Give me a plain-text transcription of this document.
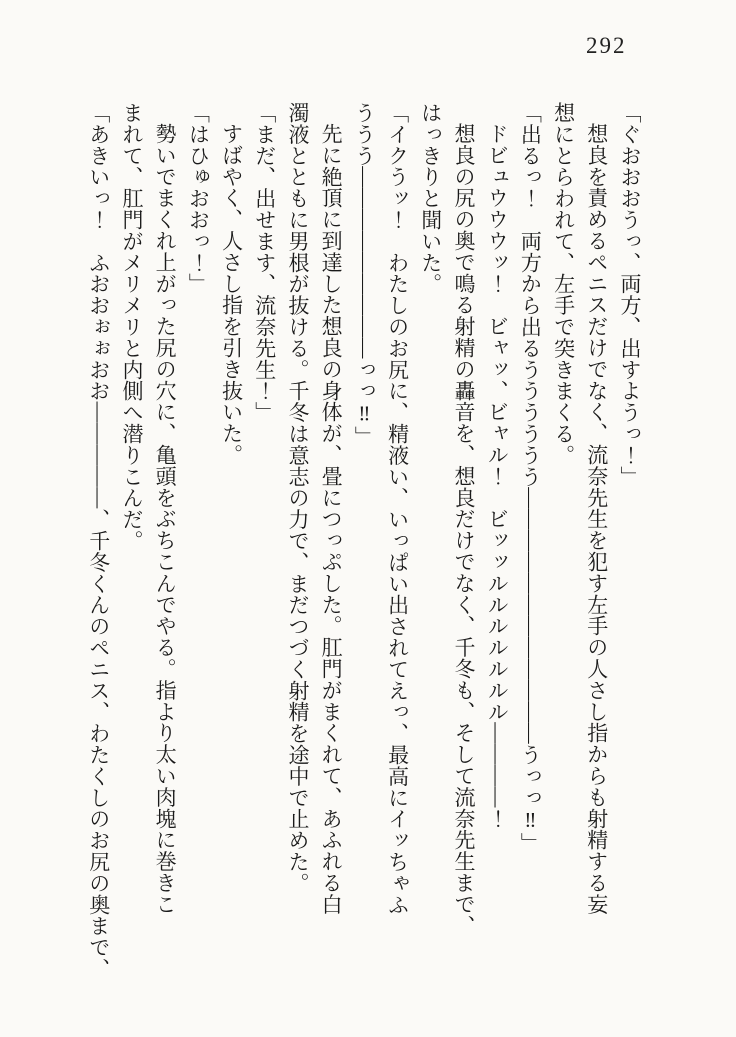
292
「ぐおおおうっ、両方、出すようっ！」
想良を責めるペニスだけでなく、流奈先生を犯す左手の人さし指からも射精する妄
想にとらわれて、左手で突きまくる。
「出るっ！　両方から出るうううううう――――――――――――うっっ‼」
ドビュウウウッ！　ビャッ、ビャル！　ビッッルルルルルルル――――！
想良の尻の奥で鳴る射精の轟音を、想良だけでなく、千冬も、そして流奈先生まで、
はっきりと聞いた。
「イクうッ！　わたしのお尻に、精液い、いっぱい出されてえっ、最高にイッちゃふ
ううう―――――――――っっ‼」
先に絶頂に到達した想良の身体が、畳につっぷした。肛門がまくれて、あふれる白
濁液とともに男根が抜ける。千冬は意志の力で、まだつづく射精を途中で止めた。
「まだ、出せます、流奈先生！」
すばやく、人さし指を引き抜いた。
「はひゅおおっ！」
勢いでまくれ上がった尻の穴に、亀頭をぶちこんでやる。指より太い肉塊に巻きこ
まれて、肛門がメリメリと内側へ潜りこんだ。
「あきいっ！　ふおおぉぉおお―――――、千冬くんのペニス、わたくしのお尻の奥まで、
